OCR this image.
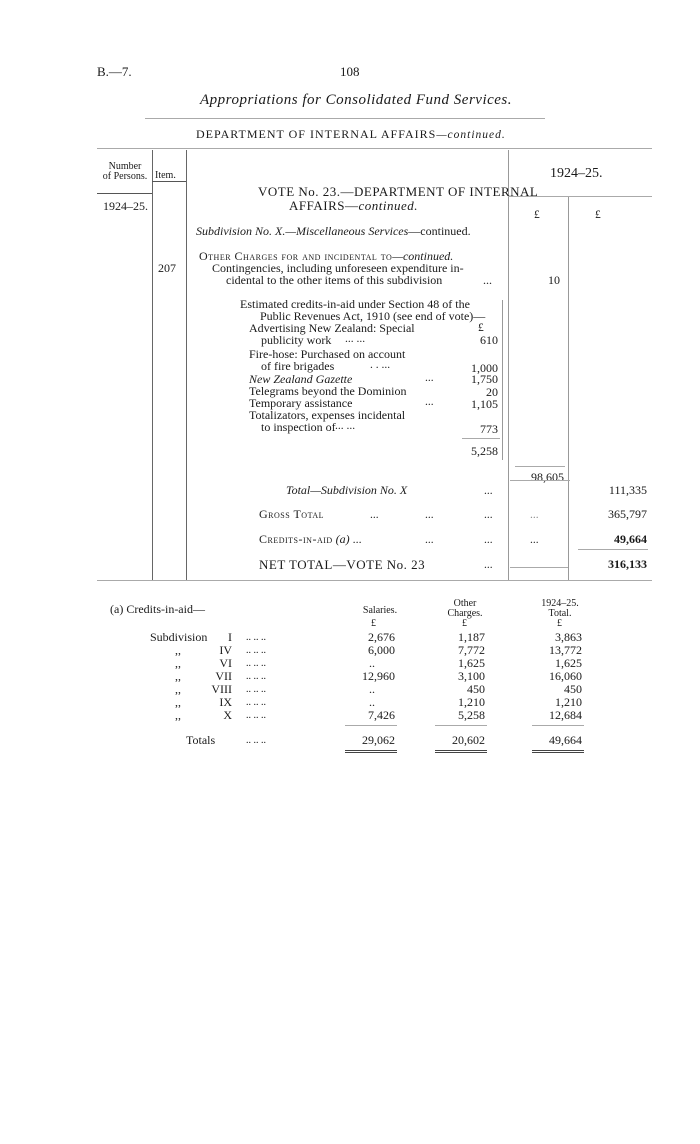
B.—7.	108
Appropriations for Consolidated Fund Services.
DEPARTMENT OF INTERNAL AFFAIRS—continued.
Number
of Persons. Item.
1924–25.
1924–25.
£	£
VOTE No. 23.—DEPARTMENT OF INTERNAL
AFFAIRS—continued.
Subdivision No. X.—Miscellaneous Services—continued.
Other Charges for and incidental to—continued.
207	Contingencies, including unforeseen expenditure in-
cidental to the other items of this subdivision	...	10
Estimated credits-in-aid under Section 48 of the
Public Revenues Act, 1910 (see end of vote)—
£
Advertising New Zealand: Special
publicity work ... ...	610
Fire-hose: Purchased on account
of fire brigades	. . ...	1,000
New Zealand Gazette	...	1,750
Telegrams beyond the Dominion	20
Temporary assistance	...	1,105
Totalizators, expenses incidental
to inspection of ... ...	773
5,258
98,605
Total—Subdivision No. X	...	111,335
Gross Total	...	...	...	...	365,797
Credits-in-aid (a) ...	...	...	...	49,664
NET TOTAL—VOTE No. 23	...	316,133
(a) Credits-in-aid—	Salaries.
Other
Charges.
1924–25.
Total.
£	£	£
Subdivision	I .. .. ..	2,676	1,187	3,863
,,	IV .. .. ..	6,000	7,772	13,772
,,	VI .. .. ..	..	1,625	1,625
,,	VII .. .. ..	12,960	3,100	16,060
,,	VIII .. .. ..	..	450	450
,,	IX .. .. ..	..	1,210	1,210
,,	X .. .. ..	7,426	5,258	12,684
Totals	.. .. ..	29,062	20,602	49,664
